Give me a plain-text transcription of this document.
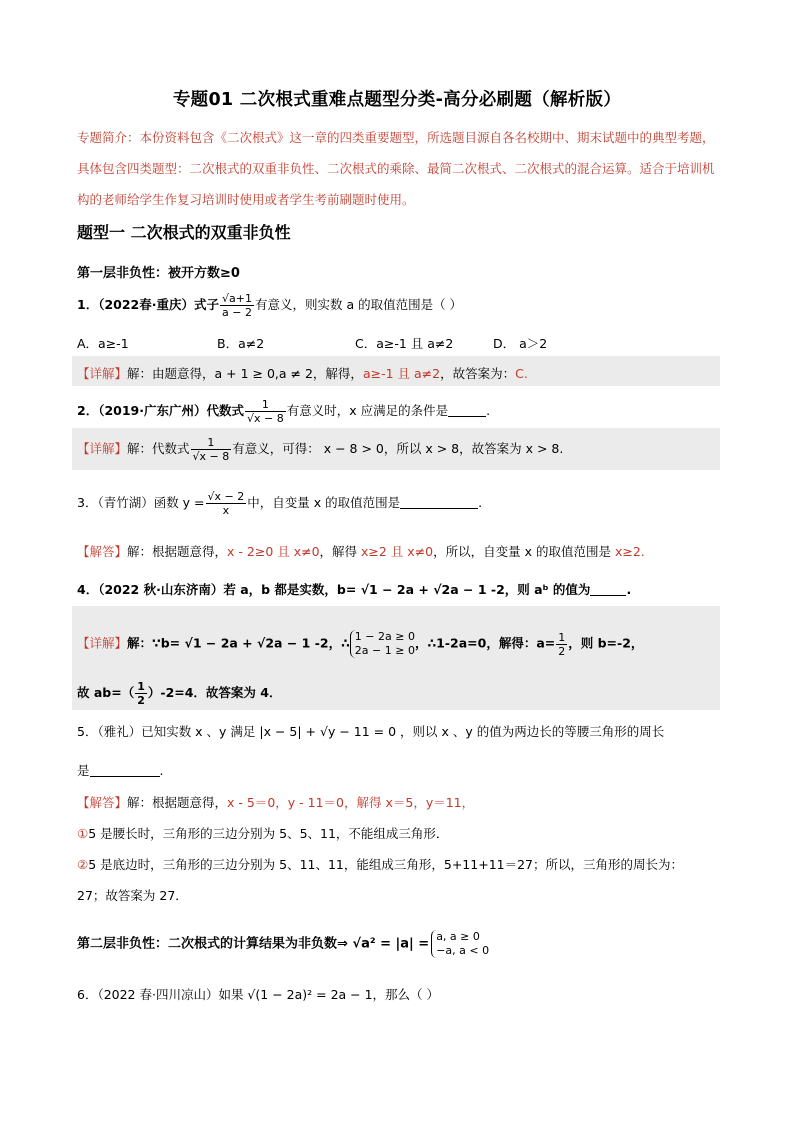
专题01 二次根式重难点题型分类-高分必刷题（解析版）
专题简介：本份资料包含《二次根式》这一章的四类重要题型，所选题目源自各名校期中、期末试题中的典型考题，具体包含四类题型：二次根式的双重非负性、二次根式的乘除、最简二次根式、二次根式的混合运算。适合于培训机构的老师给学生作复习培训时使用或者学生考前刷题时使用。
题型一 二次根式的双重非负性
第一层非负性：被开方数≥0
1．（2022春·重庆）式子 $\frac{√a+1}{a - 2}$ 有意义，则实数 a 的取值范围是（ ）
A．a≥-1	B．a≠2	C．a≥-1 且 a≠2	D． a＞2
【详解】解：由题意得，a + 1 ≥ 0,a ≠ 2，解得，a≥-1 且 a≠2，故答案为：C.
2．（2019·广东广州）代数式 $\frac{1}{√x - 8}$ 有意义时，x 应满足的条件是	.
【详解】解：代数式 $\frac{1}{√x - 8}$ 有意义，可得： x − 8 > 0，所以 x > 8，故答案为 x > 8.
3．（青竹湖）函数 $y = \frac{√x - 2}{x}$ 中，自变量 x 的取值范围是	.
【解答】解：根据题意得，x - 2≥0 且 x≠0，解得 x≥2 且 x≠0，所以，自变量 x 的取值范围是 x≥2.
4．（2022 秋·山东济南）若 a，b 都是实数，b= √1 − 2a + √2a − 1 -2，则 aᵇ 的值为	.
【详解】解：∵b= √1 − 2a + √2a − 1 -2，∴ 1 − 2a ≥ 0
2a − 1 ≥ 0 ，∴1-2a=0，解得：$a= \frac{1}{2}$ ，则 b=-2，
故 $ab=( \frac{1}{2} )-2=4$．故答案为 4．
5．（雅礼）已知实数 x 、y 满足 |x − 5| + √y − 11 = 0 ，则以 x 、y 的值为两边长的等腰三角形的周长
是	.
【解答】解：根据题意得，x - 5＝0，y - 11＝0，解得 x＝5，y＝11，
①5 是腰长时，三角形的三边分别为 5、5、11，不能组成三角形．
②5 是底边时，三角形的三边分别为 5、11、11，能组成三角形，5+11+11＝27；所以，三角形的周长为：
27；故答案为 27．
第二层非负性：二次根式的计算结果为非负数⇒ √a² = |a| = a, a ≥ 0
−a, a < 0
6．（2022 春·四川凉山）如果 √(1 − 2a)² = 2a − 1，那么（ ）
